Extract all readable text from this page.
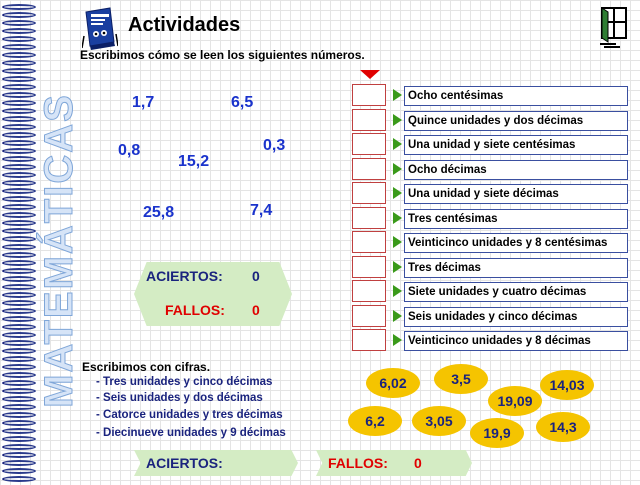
MATEMÁTICAS
Actividades
Escribimos cómo se leen los siguientes números.
1,7	6,5
0,8
15,2
0,3
25,8	7,4
ACIERTOS: 0
FALLOS: 0
Ocho centésimas
Quince unidades y dos décimas
Una unidad y siete centésimas
Ocho décimas
Una unidad y siete décimas
Tres centésimas
Veinticinco unidades y 8 centésimas
Tres décimas
Siete unidades y cuatro décimas
Seis unidades y cinco décimas
Veinticinco unidades y 8 décimas
Escribimos con cifras.
- Tres unidades y cinco décimas
- Seis unidades y dos décimas
- Catorce unidades y tres décimas
- Diecinueve unidades y 9 décimas
6,02	3,5	14,03
19,09
6,2	3,05
19,9	14,3
ACIERTOS:	FALLOS: 0
